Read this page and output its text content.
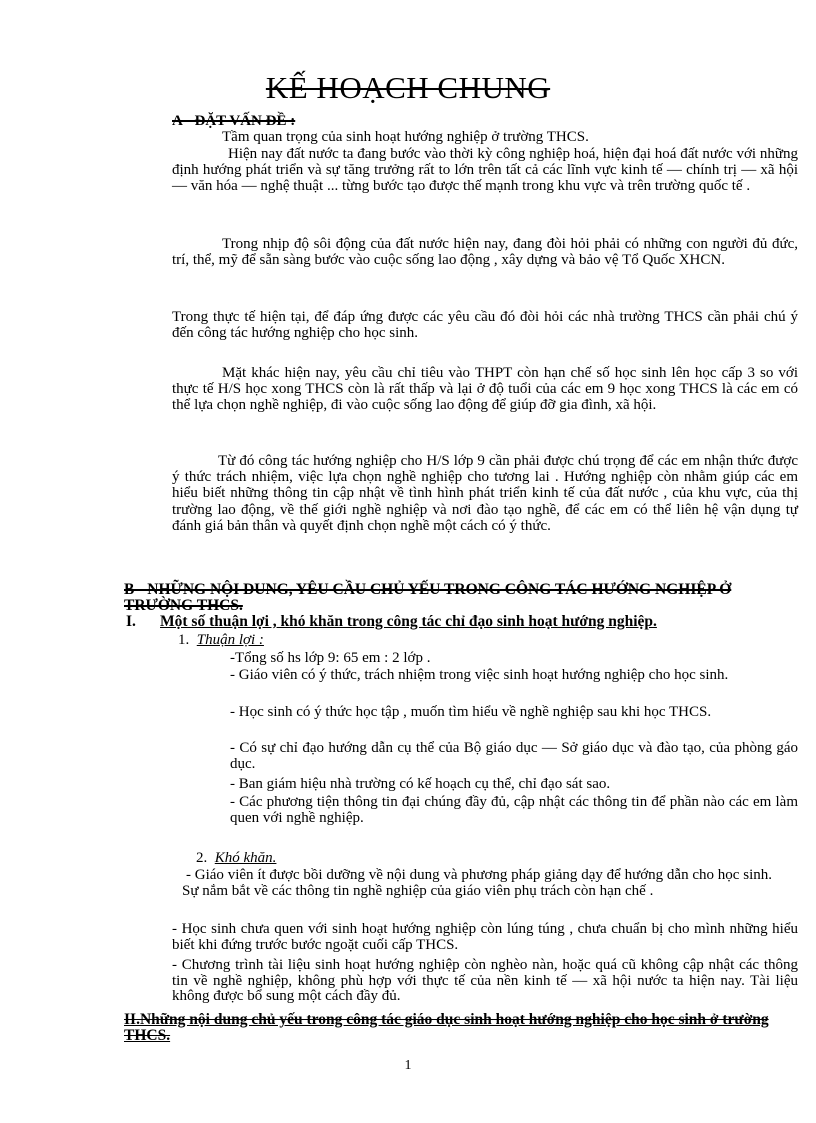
KẾ HOẠCH CHUNG
A - ĐẶT VẤN ĐỀ :
Tầm quan trọng của sinh hoạt hướng nghiệp ở trường THCS.
Hiện nay đất nước ta đang bước vào thời kỳ công nghiệp hoá, hiện đại hoá đất nước với những định hướng phát triển và sự tăng trưởng rất to lớn trên tất cả các lĩnh vực kinh tế — chính trị — xã hội — văn hóa — nghệ thuật ... từng bước tạo được thế mạnh trong khu vực và trên trường quốc tế .
Trong nhịp độ sôi động của đất nước hiện nay, đang đòi hỏi phải có những con người đủ đức, trí, thể, mỹ để sẵn sàng bước vào cuộc sống lao động , xây dựng và bảo vệ Tổ Quốc XHCN.
Trong thực tế hiện tại, để đáp ứng được các yêu cầu đó đòi hỏi các nhà trường THCS cần phải chú ý đến công tác hướng nghiệp cho học sinh.
Mặt khác hiện nay, yêu cầu chỉ tiêu vào THPT còn hạn chế số học sinh lên học cấp 3 so với thực tế H/S học xong THCS còn là rất thấp và lại ở độ tuổi của các em 9 học xong THCS là các em có thể lựa chọn nghề nghiệp, đi vào cuộc sống lao động để giúp đỡ gia đình, xã hội.
Từ đó công tác hướng nghiệp cho H/S lớp 9 cần phải được chú trọng để các em nhận thức được ý thức trách nhiệm, việc lựa chọn nghề nghiệp cho tương lai . Hướng nghiệp còn nhằm giúp các em hiểu biết những thông tin cập nhật về tình hình phát triển kinh tế của đất nước , của khu vực, của thị trường lao động, về thế giới nghề nghiệp và nơi đào tạo nghề, để các em có thể liên hệ vận dụng tự đánh giá bản thân và quyết định chọn nghề một cách có ý thức.
B - NHỮNG NỘI DUNG, YÊU CẦU CHỦ YẾU TRONG CÔNG TÁC HƯỚNG NGHIỆP Ở TRƯỜNG THCS.
I. Một số thuận lợi , khó khăn trong công tác chỉ đạo sinh hoạt hướng nghiệp.
1. Thuận lợi :
-Tổng số hs lớp 9: 65 em : 2 lớp .
- Giáo viên có ý thức, trách nhiệm trong việc sinh hoạt hướng nghiệp cho học sinh.
- Học sinh có ý thức học tập , muốn tìm hiểu về nghề nghiệp sau khi học THCS.
- Có sự chỉ đạo hướng dẫn cụ thể của Bộ giáo dục — Sở giáo dục và đào tạo, của phòng gáo dục.
- Ban giám hiệu nhà trường có kế hoạch cụ thể, chỉ đạo sát sao.
- Các phương tiện thông tin đại chúng đầy đủ, cập nhật các thông tin để phần nào các em làm quen với nghề nghiệp.
2. Khó khăn.
- Giáo viên ít được bồi dưỡng về nội dung và phương pháp giảng dạy để hướng dẫn cho học sinh. Sự nắm bắt về các thông tin nghề nghiệp của giáo viên phụ trách còn hạn chế .
- Học sinh chưa quen với sinh hoạt hướng nghiệp còn lúng túng , chưa chuẩn bị cho mình những hiểu biết khi đứng trước bước ngoặt cuối cấp THCS.
- Chương trình tài liệu sinh hoạt hướng nghiệp còn nghèo nàn, hoặc quá cũ không cập nhật các thông tin về nghề nghiệp, không phù hợp với thực tế của nền kinh tế — xã hội nước ta hiện nay. Tài liệu không được bổ sung một cách đầy đủ.
II.Những nội dung chủ yếu trong công tác giáo dục sinh hoạt hướng nghiệp cho học sinh ở trường THCS.
1
